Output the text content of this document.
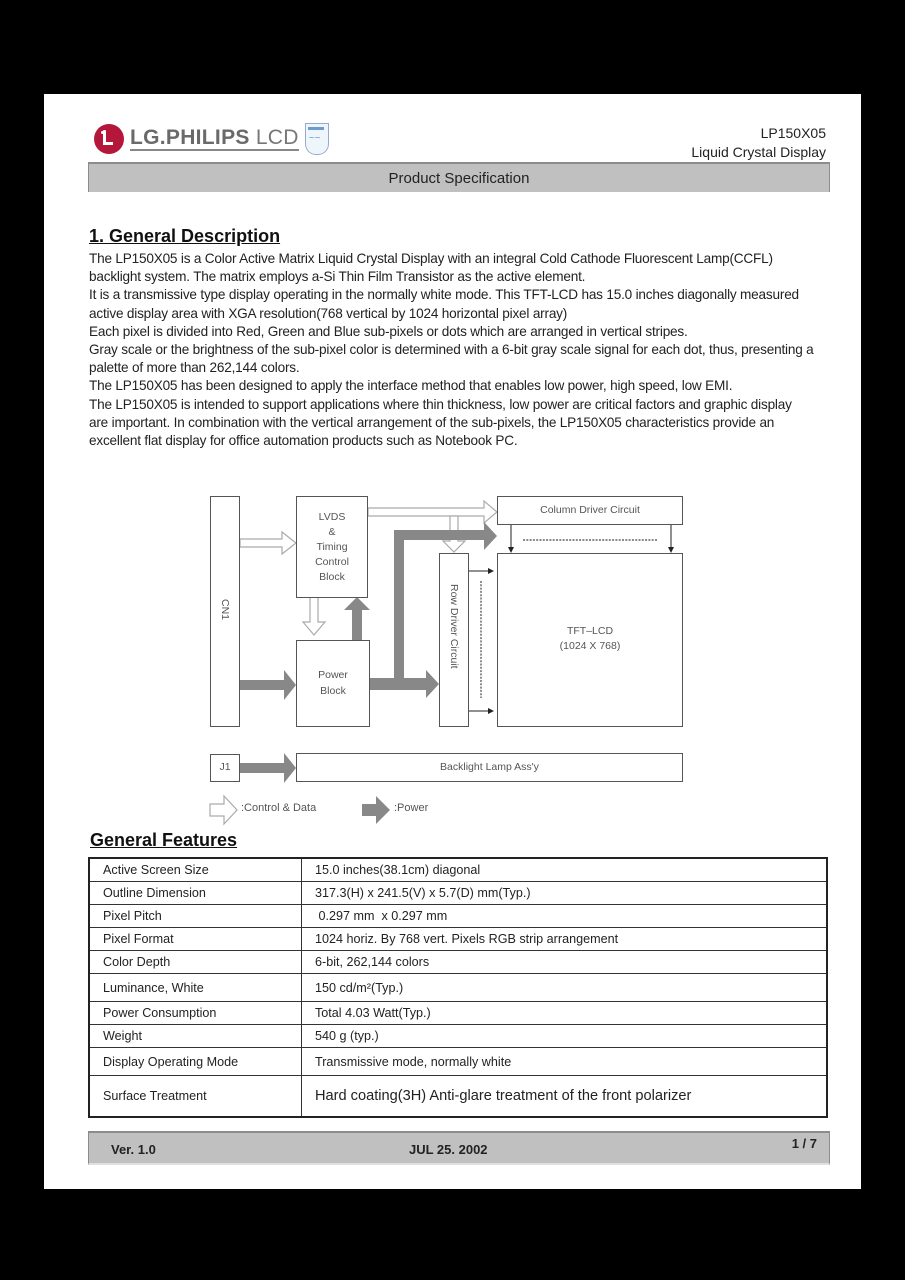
LG.PHILIPS LCD ~~	LP150X05
Liquid Crystal Display
Product Specification
1. General Description

The LP150X05 is a Color Active Matrix Liquid Crystal Display with an integral Cold Cathode Fluorescent Lamp(CCFL) backlight system. The matrix employs a-Si Thin Film Transistor as the active element.

It is a transmissive type display operating in the normally white mode. This TFT-LCD has 15.0 inches diagonally measured active display area with XGA resolution(768 vertical by 1024 horizontal pixel array)

Each pixel is divided into Red, Green and Blue sub-pixels or dots which are arranged in vertical stripes.

Gray scale or the brightness of the sub-pixel color is determined with a 6-bit gray scale signal for each dot, thus, presenting a palette of more than 262,144 colors.

The LP150X05 has been designed to apply the interface method that enables low power, high speed, low EMI.

The LP150X05 is intended to support applications where thin thickness, low power are critical factors and graphic display are important. In combination with the vertical arrangement of the sub-pixels, the LP150X05 characteristics provide an excellent flat display for office automation products such as Notebook PC.

CN1
LVDS
&
Timing
Control
Block
Power
Block
Row Driver Circuit
Column Driver Circuit
TFT–LCD
(1024 X 768)
J1	Backlight Lamp Ass'y
:Control & Data	:Power
General Features
Active Screen Size	15.0 inches(38.1cm) diagonal
Outline Dimension	317.3(H) x 241.5(V) x 5.7(D) mm(Typ.)
Pixel Pitch	0.297 mm  x 0.297 mm
Pixel Format	1024 horiz. By 768 vert. Pixels RGB strip arrangement
Color Depth	6-bit, 262,144 colors
Luminance, White	150 cd/m²(Typ.)
Power Consumption	Total 4.03 Watt(Typ.)
Weight	540 g (typ.)
Display Operating Mode	Transmissive mode, normally white
Surface Treatment	Hard coating(3H) Anti-glare treatment of the front polarizer
Ver. 1.0	JUL 25. 2002	1 / 7
